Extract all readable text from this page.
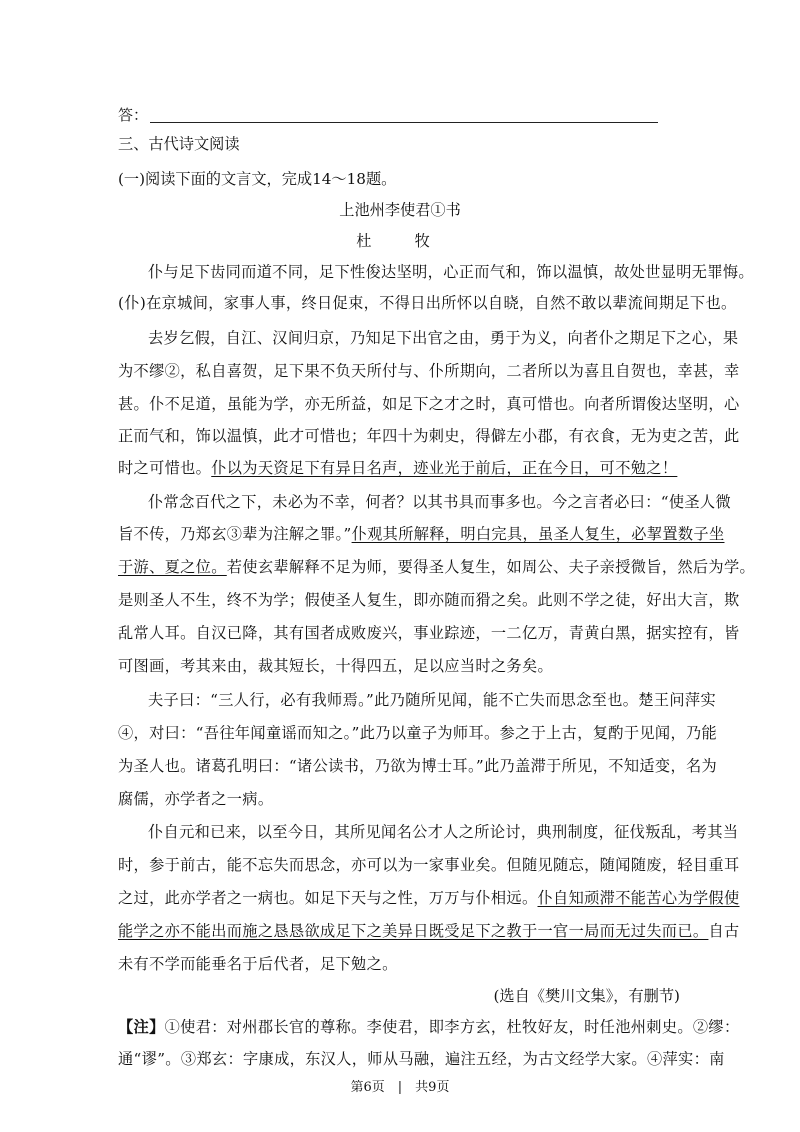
答：
三、古代诗文阅读
(一)阅读下面的文言文，完成14～18题。
上池州李使君①书
杜　牧
仆与足下齿同而道不同，足下性俊达坚明，心正而气和，饰以温慎，故处世显明无罪悔。
(仆)在京城间，家事人事，终日促束，不得日出所怀以自晓，自然不敢以辈流间期足下也。
去岁乞假，自江、汉间归京，乃知足下出官之由，勇于为义，向者仆之期足下之心，果
为不缪②，私自喜贺，足下果不负天所付与、仆所期向，二者所以为喜且自贺也，幸甚，幸
甚。仆不足道，虽能为学，亦无所益，如足下之才之时，真可惜也。向者所谓俊达坚明，心
正而气和，饰以温慎，此才可惜也；年四十为刺史，得僻左小郡，有衣食，无为吏之苦，此
时之可惜也。仆以为天资足下有异日名声，迹业光于前后，正在今日，可不勉之！
仆常念百代之下，未必为不幸，何者？以其书具而事多也。今之言者必曰：“使圣人微
旨不传，乃郑玄③辈为注解之罪。”仆观其所解释，明白完具，虽圣人复生，必挈置数子坐
于游、夏之位。若使玄辈解释不足为师，要得圣人复生，如周公、夫子亲授微旨，然后为学。
是则圣人不生，终不为学；假使圣人复生，即亦随而猾之矣。此则不学之徒，好出大言，欺
乱常人耳。自汉已降，其有国者成败废兴，事业踪迹，一二亿万，青黄白黑，据实控有，皆
可图画，考其来由，裁其短长，十得四五，足以应当时之务矣。
夫子曰：“三人行，必有我师焉。”此乃随所见闻，能不亡失而思念至也。楚王问萍实
④，对曰：“吾往年闻童谣而知之。”此乃以童子为师耳。参之于上古，复酌于见闻，乃能
为圣人也。诸葛孔明曰：“诸公读书，乃欲为博士耳。”此乃盖滞于所见，不知适变，名为
腐儒，亦学者之一病。
仆自元和已来，以至今日，其所见闻名公才人之所论讨，典刑制度，征伐叛乱，考其当
时，参于前古，能不忘失而思念，亦可以为一家事业矣。但随见随忘，随闻随废，轻目重耳
之过，此亦学者之一病也。如足下天与之性，万万与仆相远。仆自知顽滞不能苦心为学假使
能学之亦不能出而施之恳恳欲成足下之美异日既受足下之教于一官一局而无过失而已。自古
未有不学而能垂名于后代者，足下勉之。
(选自《樊川文集》，有删节)
【注】①使君：对州郡长官的尊称。李使君，即李方玄，杜牧好友，时任池州刺史。②缪：
通“谬”。③郑玄：字康成，东汉人，师从马融，遍注五经，为古文经学大家。④萍实：南
第6页　|　共9页
